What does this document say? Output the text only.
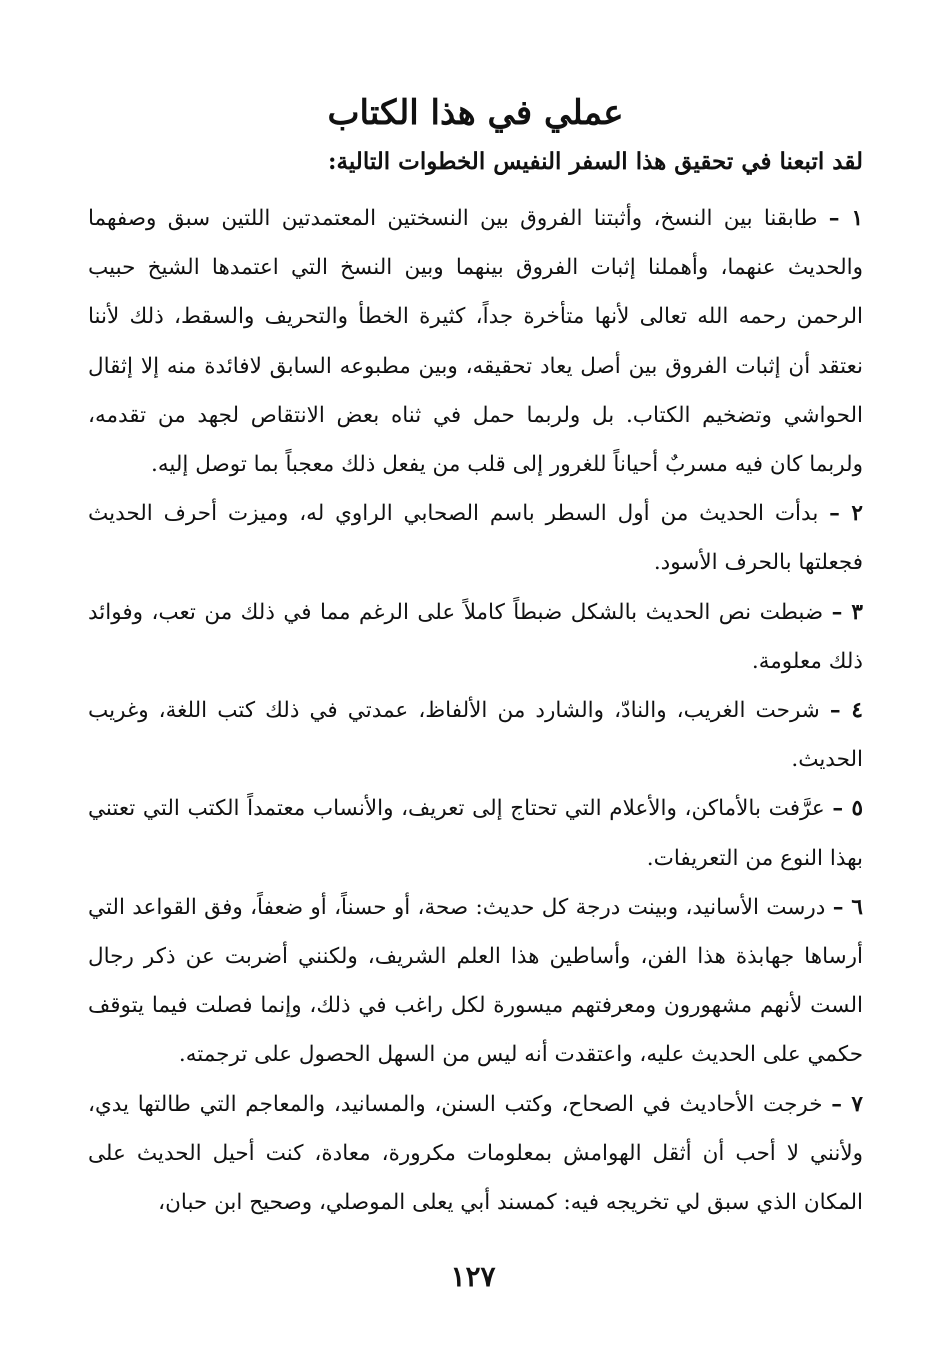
عملي في هذا الكتاب

لقد اتبعنا في تحقيق هذا السفر النفيس الخطوات التالية:

١ – طابقنا بين النسخ، وأثبتنا الفروق بين النسختين المعتمدتين اللتين سبق وصفهما والحديث عنهما، وأهملنا إثبات الفروق بينهما وبين النسخ التي اعتمدها الشيخ حبيب الرحمن رحمه الله تعالى لأنها متأخرة جداً، كثيرة الخطأ والتحريف والسقط، ذلك لأننا نعتقد أن إثبات الفروق بين أصل يعاد تحقيقه، وبين مطبوعه السابق لافائدة منه إلا إثقال الحواشي وتضخيم الكتاب. بل ولربما حمل في ثناه بعض الانتقاص لجهد من تقدمه، ولربما كان فيه مسربٌ أحياناً للغرور إلى قلب من يفعل ذلك معجباً بما توصل إليه.

٢ – بدأت الحديث من أول السطر باسم الصحابي الراوي له، وميزت أحرف الحديث فجعلتها بالحرف الأسود.

٣ – ضبطت نص الحديث بالشكل ضبطاً كاملاً على الرغم مما في ذلك من تعب، وفوائد ذلك معلومة.

٤ – شرحت الغريب، والنادّ، والشارد من الألفاظ، عمدتي في ذلك كتب اللغة، وغريب الحديث.

٥ – عرَّفت بالأماكن، والأعلام التي تحتاج إلى تعريف، والأنساب معتمداً الكتب التي تعتني بهذا النوع من التعريفات.

٦ – درست الأسانيد، وبينت درجة كل حديث: صحة، أو حسناً، أو ضعفاً، وفق القواعد التي أرساها جهابذة هذا الفن، وأساطين هذا العلم الشريف، ولكنني أضربت عن ذكر رجال الست لأنهم مشهورون ومعرفتهم ميسورة لكل راغب في ذلك، وإنما فصلت فيما يتوقف حكمي على الحديث عليه، واعتقدت أنه ليس من السهل الحصول على ترجمته.

٧ – خرجت الأحاديث في الصحاح، وكتب السنن، والمسانيد، والمعاجم التي طالتها يدي، ولأنني لا أحب أن أثقل الهوامش بمعلومات مكرورة، معادة، كنت أحيل الحديث على المكان الذي سبق لي تخريجه فيه: كمسند أبي يعلى الموصلي، وصحيح ابن حبان،

١٢٧
